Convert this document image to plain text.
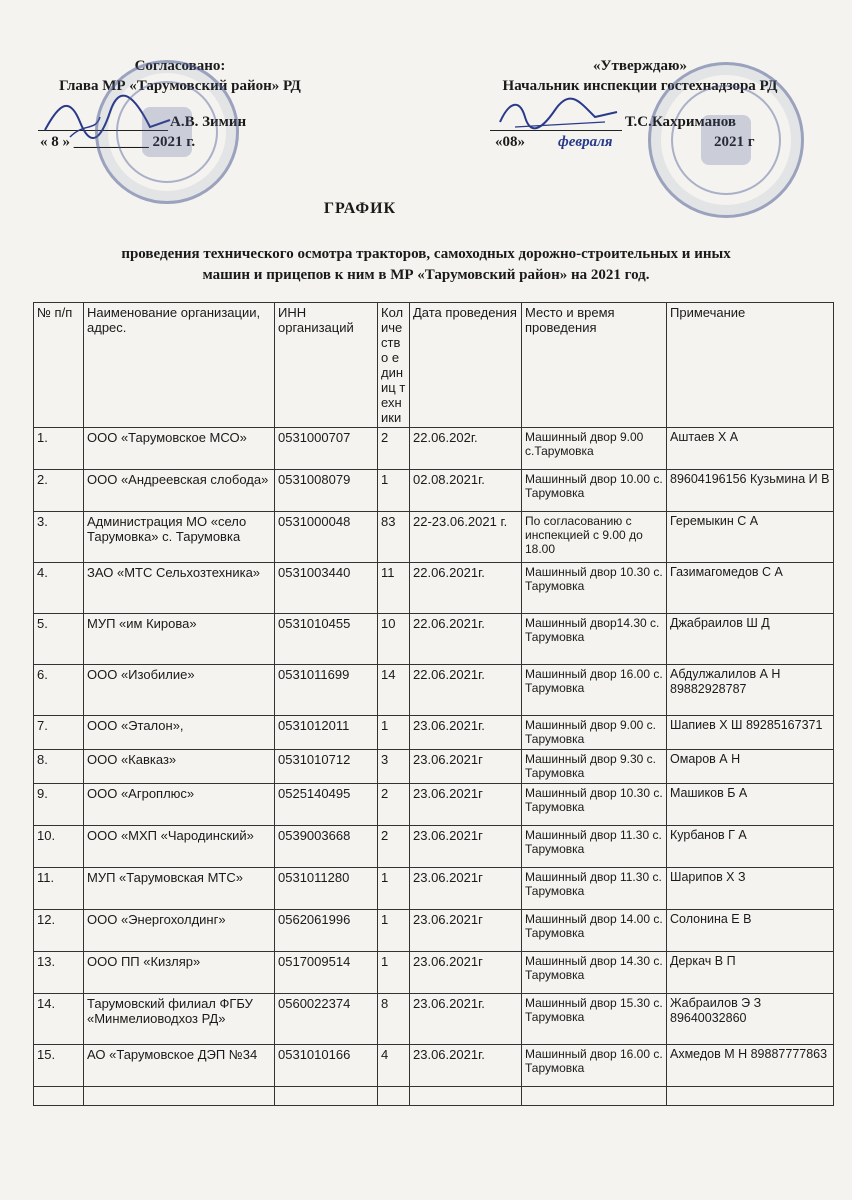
Согласовано:
Глава МР «Тарумовский район» РД
А.В. Зимин
« 8 » __________ 2021 г.
«Утверждаю»
Начальник инспекции гостехнадзора РД
Т.С.Кахриманов
«08» февраля	2021 г
ГРАФИК
проведения технического осмотра тракторов, самоходных дорожно-строительных и иных
машин и прицепов к ним в МР «Тарумовский район» на 2021 год.
№ п/п	Наименование организации, адрес.	ИНН организаций	Количество единиц техники	Дата проведения	Место и время проведения	Примечание
1.	ООО «Тарумовское МСО»	0531000707	2	22.06.202г.	Машинный двор 9.00 с.Тарумовка	Аштаев Х А
2.	ООО «Андреевская слобода»	0531008079	1	02.08.2021г.	Машинный двор 10.00 с. Тарумовка	89604196156 Кузьмина И В
3.	Администрация МО «село Тарумовка» с. Тарумовка	0531000048	83	22-23.06.2021 г.	По согласованию с инспекцией с 9.00 до 18.00	Геремыкин С А
4.	ЗАО «МТС Сельхозтехника»	0531003440	11	22.06.2021г.	Машинный двор 10.30 с. Тарумовка	Газимагомедов С А
5.	МУП «им Кирова»	0531010455	10	22.06.2021г.	Машинный двор14.30 с. Тарумовка	Джабраилов Ш Д
6.	ООО «Изобилие»	0531011699	14	22.06.2021г.	Машинный двор 16.00 с. Тарумовка	Абдулжалилов А Н 89882928787
7.	ООО «Эталон»,	0531012011	1	23.06.2021г.	Машинный двор 9.00 с. Тарумовка	Шапиев Х Ш 89285167371
8.	ООО «Кавказ»	0531010712	3	23.06.2021г	Машинный двор 9.30 с. Тарумовка	Омаров А Н
9.	ООО «Агроплюс»	0525140495	2	23.06.2021г	Машинный двор 10.30 с. Тарумовка	Машиков Б А
10.	ООО «МХП «Чародинский»	0539003668	2	23.06.2021г	Машинный двор 11.30 с. Тарумовка	Курбанов Г А
11.	МУП «Тарумовская МТС»	0531011280	1	23.06.2021г	Машинный двор 11.30 с. Тарумовка	Шарипов Х З
12.	ООО «Энергохолдинг»	0562061996	1	23.06.2021г	Машинный двор 14.00 с. Тарумовка	Солонина Е В
13.	ООО ПП «Кизляр»	0517009514	1	23.06.2021г	Машинный двор 14.30 с. Тарумовка	Деркач В П
14.	Тарумовский филиал ФГБУ «Минмелиоводхоз РД»	0560022374	8	23.06.2021г.	Машинный двор 15.30 с. Тарумовка	Жабраилов Э З 89640032860
15.	АО «Тарумовское ДЭП №34	0531010166	4	23.06.2021г.	Машинный двор 16.00 с. Тарумовка	Ахмедов М Н 89887777863
